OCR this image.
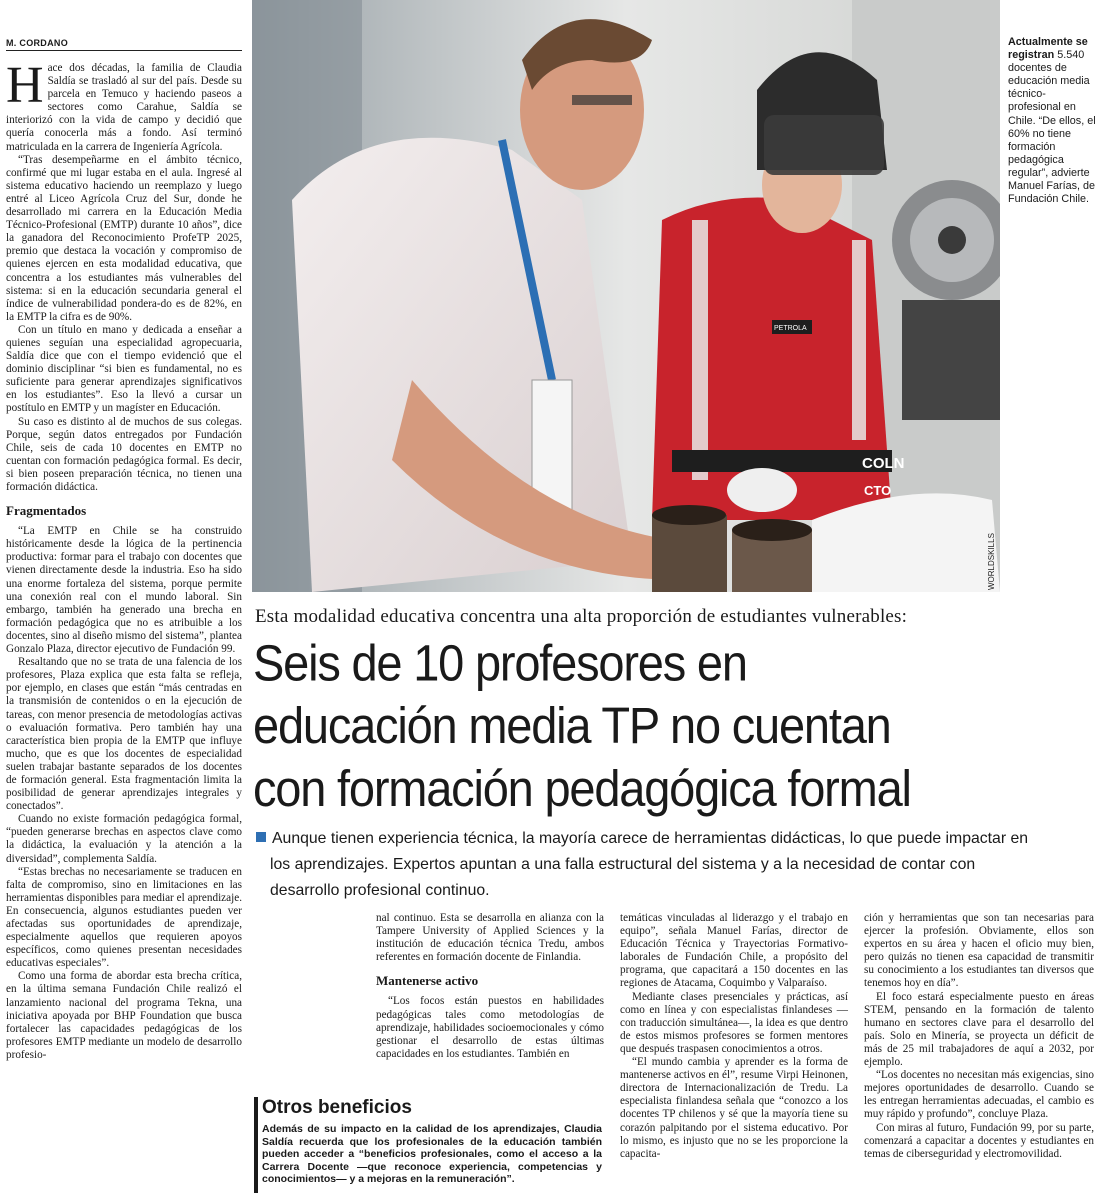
M. CORDANO

Hace dos décadas, la familia de Claudia Saldía se trasladó al sur del país. Desde su parcela en Temuco y haciendo paseos a sectores como Carahue, Saldía se interiorizó con la vida de campo y decidió que quería conocerla más a fondo. Así terminó matriculada en la carrera de Ingeniería Agrícola.

“Tras desempeñarme en el ámbito técnico, confirmé que mi lugar estaba en el aula. Ingresé al sistema educativo haciendo un reemplazo y luego entré al Liceo Agrícola Cruz del Sur, donde he desarrollado mi carrera en la Educación Media Técnico-Profesional (EMTP) durante 10 años”, dice la ganadora del Reconocimiento ProfeTP 2025, premio que destaca la vocación y compromiso de quienes ejercen en esta modalidad educativa, que concentra a los estudiantes más vulnerables del sistema: si en la educación secundaria general el índice de vulnerabilidad pondera-do es de 82%, en la EMTP la cifra es de 90%.

Con un título en mano y dedicada a enseñar a quienes seguían una especialidad agropecuaria, Saldía dice que con el tiempo evidenció que el dominio disciplinar “si bien es fundamental, no es suficiente para generar aprendizajes significativos en los estudiantes”. Eso la llevó a cursar un postítulo en EMTP y un magíster en Educación.

Su caso es distinto al de muchos de sus colegas. Porque, según datos entregados por Fundación Chile, seis de cada 10 docentes en EMTP no cuentan con formación pedagógica formal. Es decir, si bien poseen preparación técnica, no tienen una formación didáctica.

Fragmentados

“La EMTP en Chile se ha construido históricamente desde la lógica de la pertinencia productiva: formar para el trabajo con docentes que vienen directamente desde la industria. Eso ha sido una enorme fortaleza del sistema, porque permite una conexión real con el mundo laboral. Sin embargo, también ha generado una brecha en formación pedagógica que no es atribuible a los docentes, sino al diseño mismo del sistema”, plantea Gonzalo Plaza, director ejecutivo de Fundación 99.

Resaltando que no se trata de una falencia de los profesores, Plaza explica que esta falta se refleja, por ejemplo, en clases que están “más centradas en la transmisión de contenidos o en la ejecución de tareas, con menor presencia de metodologías activas o evaluación formativa. Pero también hay una característica bien propia de la EMTP que influye mucho, que es que los docentes de especialidad suelen trabajar bastante separados de los docentes de formación general. Esta fragmentación limita la posibilidad de generar aprendizajes integrales y conectados”.

Cuando no existe formación pedagógica formal, “pueden generarse brechas en aspectos clave como la didáctica, la evaluación y la atención a la diversidad”, complementa Saldía.

“Estas brechas no necesariamente se traducen en falta de compromiso, sino en limitaciones en las herramientas disponibles para mediar el aprendizaje. En consecuencia, algunos estudiantes pueden ver afectadas sus oportunidades de aprendizaje, especialmente aquellos que requieren apoyos específicos, como quienes presentan necesidades educativas especiales”.

Como una forma de abordar esta brecha crítica, en la última semana Fundación Chile realizó el lanzamiento nacional del programa Tekna, una iniciativa apoyada por BHP Foundation que busca fortalecer las capacidades pedagógicas de los profesores EMTP mediante un modelo de desarrollo profesio-

COLN
CTO
PETROLA
WORLDSKILLS
Actualmente se registran 5.540 docentes de educación media técnico-profesional en Chile. “De ellos, el 60% no tiene formación pedagógica regular”, advierte Manuel Farías, de Fundación Chile.
Esta modalidad educativa concentra una alta proporción de estudiantes vulnerables:
Seis de 10 profesores en
educación media TP no cuentan
con formación pedagógica formal
Aunque tienen experiencia técnica, la mayoría carece de herramientas didácticas, lo que puede impactar en
los aprendizajes. Expertos apuntan a una falla estructural del sistema y a la necesidad de contar con
desarrollo profesional continuo.

nal continuo. Esta se desarrolla en alianza con la Tampere University of Applied Sciences y la institución de educación técnica Tredu, ambos referentes en formación docente de Finlandia.

Mantenerse activo

“Los focos están puestos en habilidades pedagógicas tales como metodologías de aprendizaje, habilidades socioemocionales y cómo gestionar el desarrollo de estas últimas capacidades en los estudiantes. También en

temáticas vinculadas al liderazgo y el trabajo en equipo”, señala Manuel Farías, director de Educación Técnica y Trayectorias Formativo-laborales de Fundación Chile, a propósito del programa, que capacitará a 150 docentes en las regiones de Atacama, Coquimbo y Valparaíso.

Mediante clases presenciales y prácticas, así como en línea y con especialistas finlandeses —con traducción simultánea—, la idea es que dentro de estos mismos profesores se formen mentores que después traspasen conocimientos a otros.

“El mundo cambia y aprender es la forma de mantenerse activos en él”, resume Virpi Heinonen, directora de Internacionalización de Tredu. La especialista finlandesa señala que “conozco a los docentes TP chilenos y sé que la mayoría tiene su corazón palpitando por el sistema educativo. Por lo mismo, es injusto que no se les proporcione la capacita-

ción y herramientas que son tan necesarias para ejercer la profesión. Obviamente, ellos son expertos en su área y hacen el oficio muy bien, pero quizás no tienen esa capacidad de transmitir su conocimiento a los estudiantes tan diversos que tenemos hoy en día”.

El foco estará especialmente puesto en áreas STEM, pensando en la formación de talento humano en sectores clave para el desarrollo del país. Solo en Minería, se proyecta un déficit de más de 25 mil trabajadores de aquí a 2032, por ejemplo.

“Los docentes no necesitan más exigencias, sino mejores oportunidades de desarrollo. Cuando se les entregan herramientas adecuadas, el cambio es muy rápido y profundo”, concluye Plaza.

Con miras al futuro, Fundación 99, por su parte, comenzará a capacitar a docentes y estudiantes en temas de ciberseguridad y electromovilidad.

Otros beneficios
Además de su impacto en la calidad de los aprendizajes, Claudia Saldía recuerda que los profesionales de la educación también pueden acceder a “beneficios profesionales, como el acceso a la Carrera Docente —que reconoce experiencia, competencias y conocimientos— y a mejoras en la remuneración”.
